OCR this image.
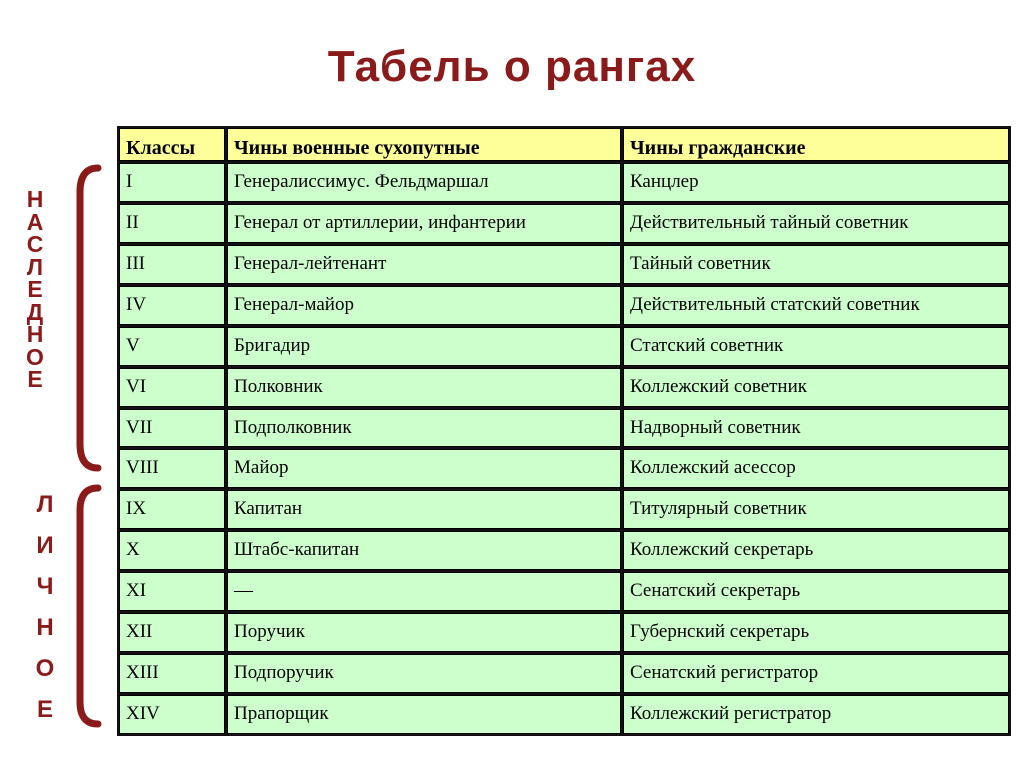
Табель о рангах
Н
А
С
Л
Е
Д
Н
О
Е
Л
И
Ч
Н
О
Е
Классы	Чины военные сухопутные	Чины гражданские
I	Генералиссимус. Фельдмаршал	Канцлер
II	Генерал от артиллерии, инфантерии	Действительный тайный советник
III	Генерал-лейтенант	Тайный советник
IV	Генерал-майор	Действительный статский советник
V	Бригадир	Статский советник
VI	Полковник	Коллежский советник
VII	Подполковник	Надворный советник
VIII	Майор	Коллежский асессор
IX	Капитан	Титулярный советник
X	Штабс-капитан	Коллежский секретарь
XI	—	Сенатский секретарь
XII	Поручик	Губернский секретарь
XIII	Подпоручик	Сенатский регистратор
XIV	Прапорщик	Коллежский регистратор
